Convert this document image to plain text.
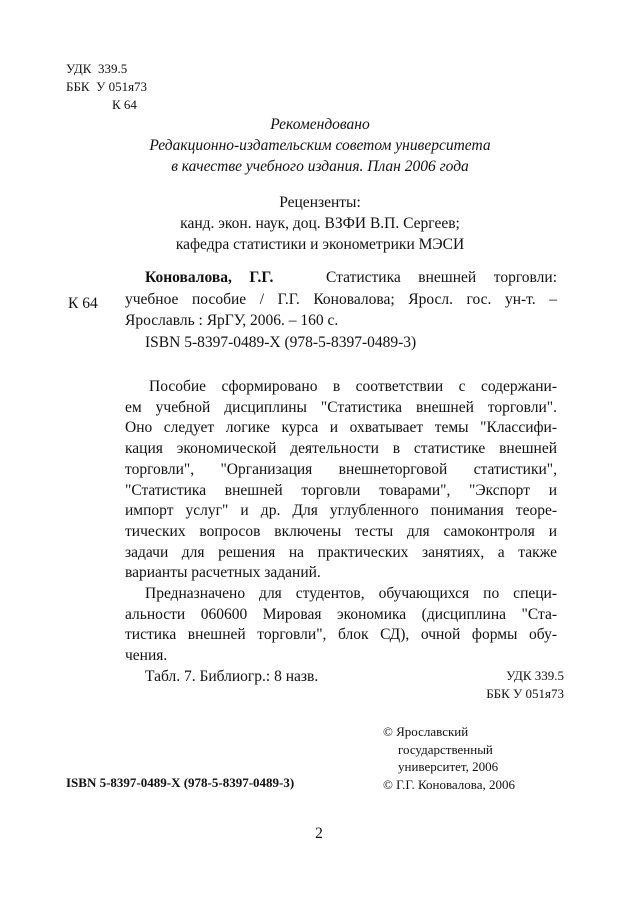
УДК 339.5
ББК У 051я73
К 64
Рекомендовано
Редакционно-издательским советом университета
в качестве учебного издания. План 2006 года
Рецензенты:
канд. экон. наук, доц. ВЗФИ В.П. Сергеев;
кафедра статистики и эконометрики МЭСИ
К 64
Коновалова, Г.Г.	Статистика внешней торговли:
учебное пособие / Г.Г. Коновалова; Яросл. гос. ун-т. –
Ярославль : ЯрГУ, 2006. – 160 с.
ISBN 5-8397-0489-X (978-5-8397-0489-3)
Пособие сформировано в соответствии с содержани-
ем учебной дисциплины "Статистика внешней торговли".
Оно следует логике курса и охватывает темы "Классифи-
кация экономической деятельности в статистике внешней
торговли", "Организация внешнеторговой статистики",
"Статистика внешней торговли товарами", "Экспорт и
импорт услуг" и др. Для углубленного понимания теоре-
тических вопросов включены тесты для самоконтроля и
задачи для решения на практических занятиях, а также
варианты расчетных заданий.
Предназначено для студентов, обучающихся по специ-
альности 060600 Мировая экономика (дисциплина "Ста-
тистика внешней торговли", блок СД), очной формы обу-
чения.
Табл. 7. Библиогр.: 8 назв.	УДК 339.5
ББК У 051я73
© Ярославский
государственный
университет, 2006
© Г.Г. Коновалова, 2006
ISBN 5-8397-0489-X (978-5-8397-0489-3)
2
